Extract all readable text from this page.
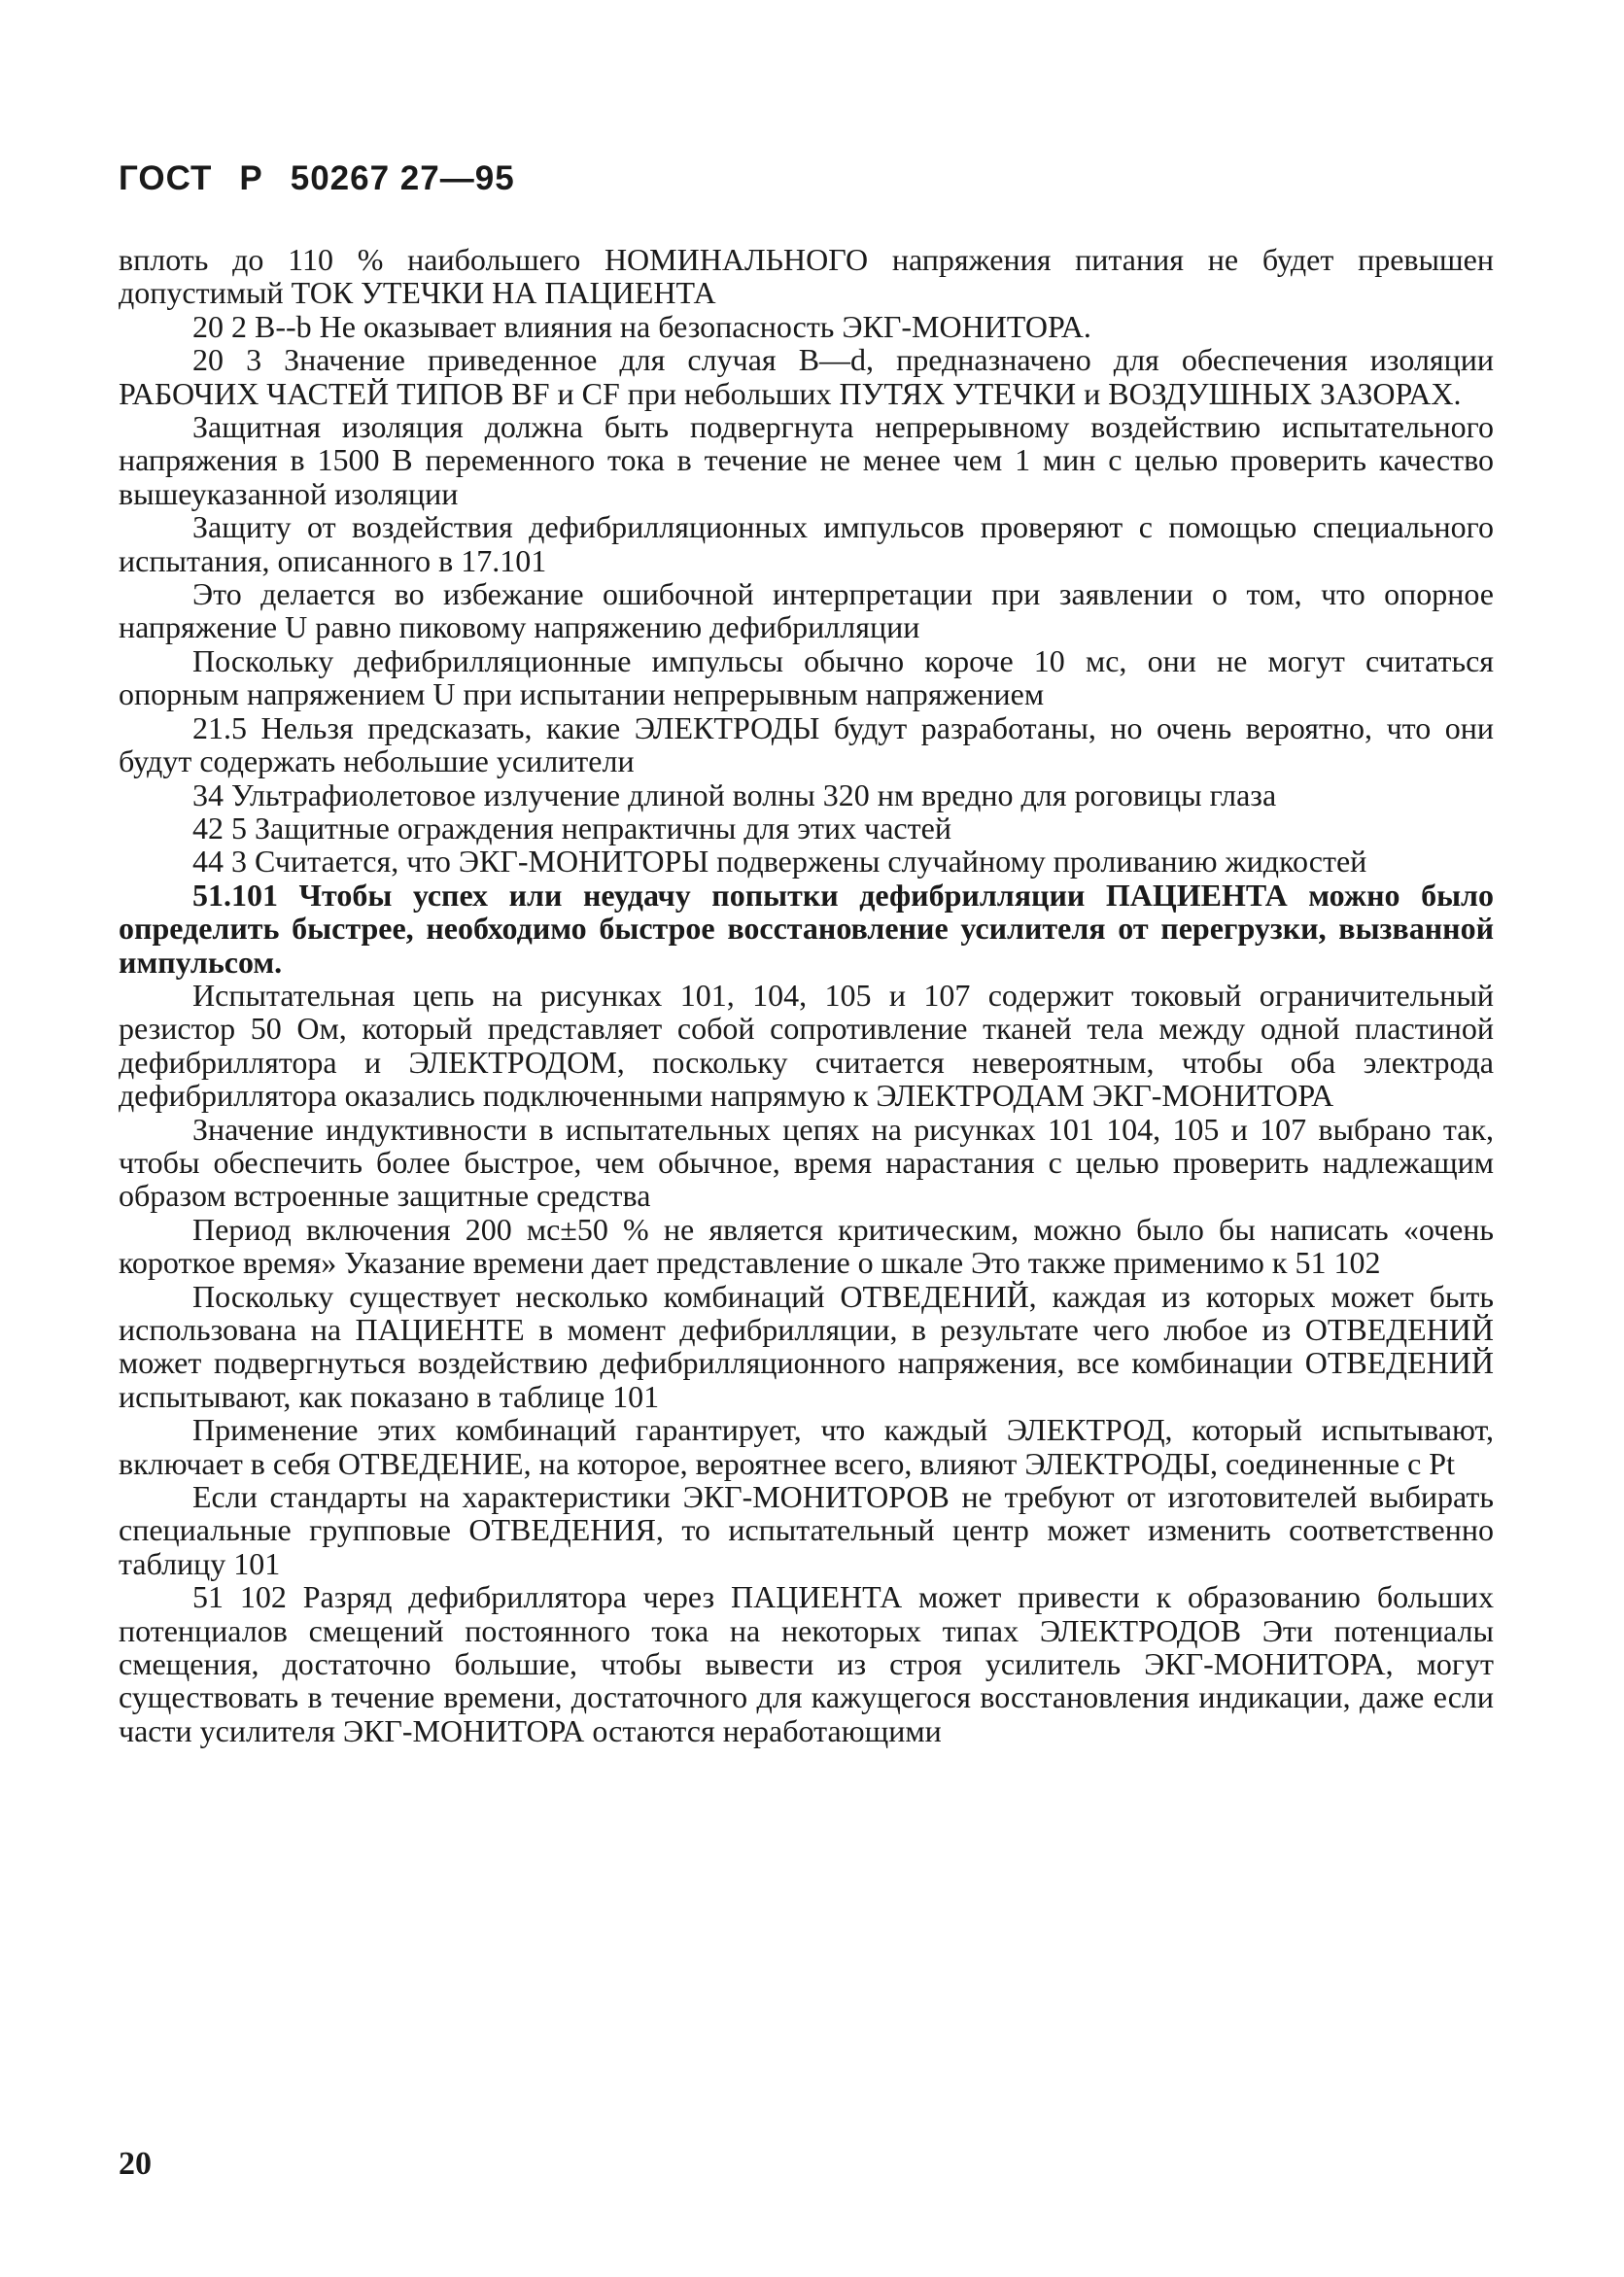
ГОСТ Р 50267 27—95

вплоть до 110 % наибольшего НОМИНАЛЬНОГО напряжения питания не будет превышен допустимый ТОК УТЕЧКИ НА ПАЦИЕНТА

20 2 В--b Не оказывает влияния на безопасность ЭКГ-МОНИТОРА.

20 3 Значение приведенное для случая В—d, предназначено для обеспечения изоляции РАБОЧИХ ЧАСТЕЙ ТИПОВ BF и CF при небольших ПУТЯХ УТЕЧКИ и ВОЗДУШНЫХ ЗАЗОРАХ.

Защитная изоляция должна быть подвергнута непрерывному воздействию испытательного напряжения в 1500 В переменного тока в течение не менее чем 1 мин с целью проверить качество вышеуказанной изоляции

Защиту от воздействия дефибрилляционных импульсов проверяют с помощью специального испытания, описанного в 17.101

Это делается во избежание ошибочной интерпретации при заявлении о том, что опорное напряжение U равно пиковому напряжению дефибрилляции

Поскольку дефибрилляционные импульсы обычно короче 10 мс, они не могут считаться опорным напряжением U при испытании непрерывным напряжением

21.5 Нельзя предсказать, какие ЭЛЕКТРОДЫ будут разработаны, но очень вероятно, что они будут содержать небольшие усилители

34 Ультрафиолетовое излучение длиной волны 320 нм вредно для роговицы глаза

42 5 Защитные ограждения непрактичны для этих частей

44 3 Считается, что ЭКГ-МОНИТОРЫ подвержены случайному проливанию жидкостей

51.101 Чтобы успех или неудачу попытки дефибрилляции ПАЦИЕНТА можно было определить быстрее, необходимо быстрое восстановление усилителя от перегрузки, вызванной импульсом.

Испытательная цепь на рисунках 101, 104, 105 и 107 содержит токовый ограничительный резистор 50 Ом, который представляет собой сопротивление тканей тела между одной пластиной дефибриллятора и ЭЛЕКТРОДОМ, поскольку считается невероятным, чтобы оба электрода дефибриллятора оказались подключенными напрямую к ЭЛЕКТРОДАМ ЭКГ-МОНИТОРА

Значение индуктивности в испытательных цепях на рисунках 101 104, 105 и 107 выбрано так, чтобы обеспечить более быстрое, чем обычное, время нарастания с целью проверить надлежащим образом встроенные защитные средства

Период включения 200 мс±50 % не является критическим, можно было бы написать «очень короткое время» Указание времени дает представление о шкале Это также применимо к 51 102

Поскольку существует несколько комбинаций ОТВЕДЕНИЙ, каждая из которых может быть использована на ПАЦИЕНТЕ в момент дефибрилляции, в результате чего любое из ОТВЕДЕНИЙ может подвергнуться воздействию дефибрилляционного напряжения, все комбинации ОТВЕДЕНИЙ испытывают, как показано в таблице 101

Применение этих комбинаций гарантирует, что каждый ЭЛЕКТРОД, который испытывают, включает в себя ОТВЕДЕНИЕ, на которое, вероятнее всего, влияют ЭЛЕКТРОДЫ, соединенные с Pt

Если стандарты на характеристики ЭКГ-МОНИТОРОВ не требуют от изготовителей выбирать специальные групповые ОТВЕДЕНИЯ, то испытательный центр может изменить соответственно таблицу 101

51 102 Разряд дефибриллятора через ПАЦИЕНТА может привести к образованию больших потенциалов смещений постоянного тока на некоторых типах ЭЛЕКТРОДОВ Эти потенциалы смещения, достаточно большие, чтобы вывести из строя усилитель ЭКГ-МОНИТОРА, могут существовать в течение времени, достаточного для кажущегося восстановления индикации, даже если части усилителя ЭКГ-МОНИТОРА остаются неработающими

20
